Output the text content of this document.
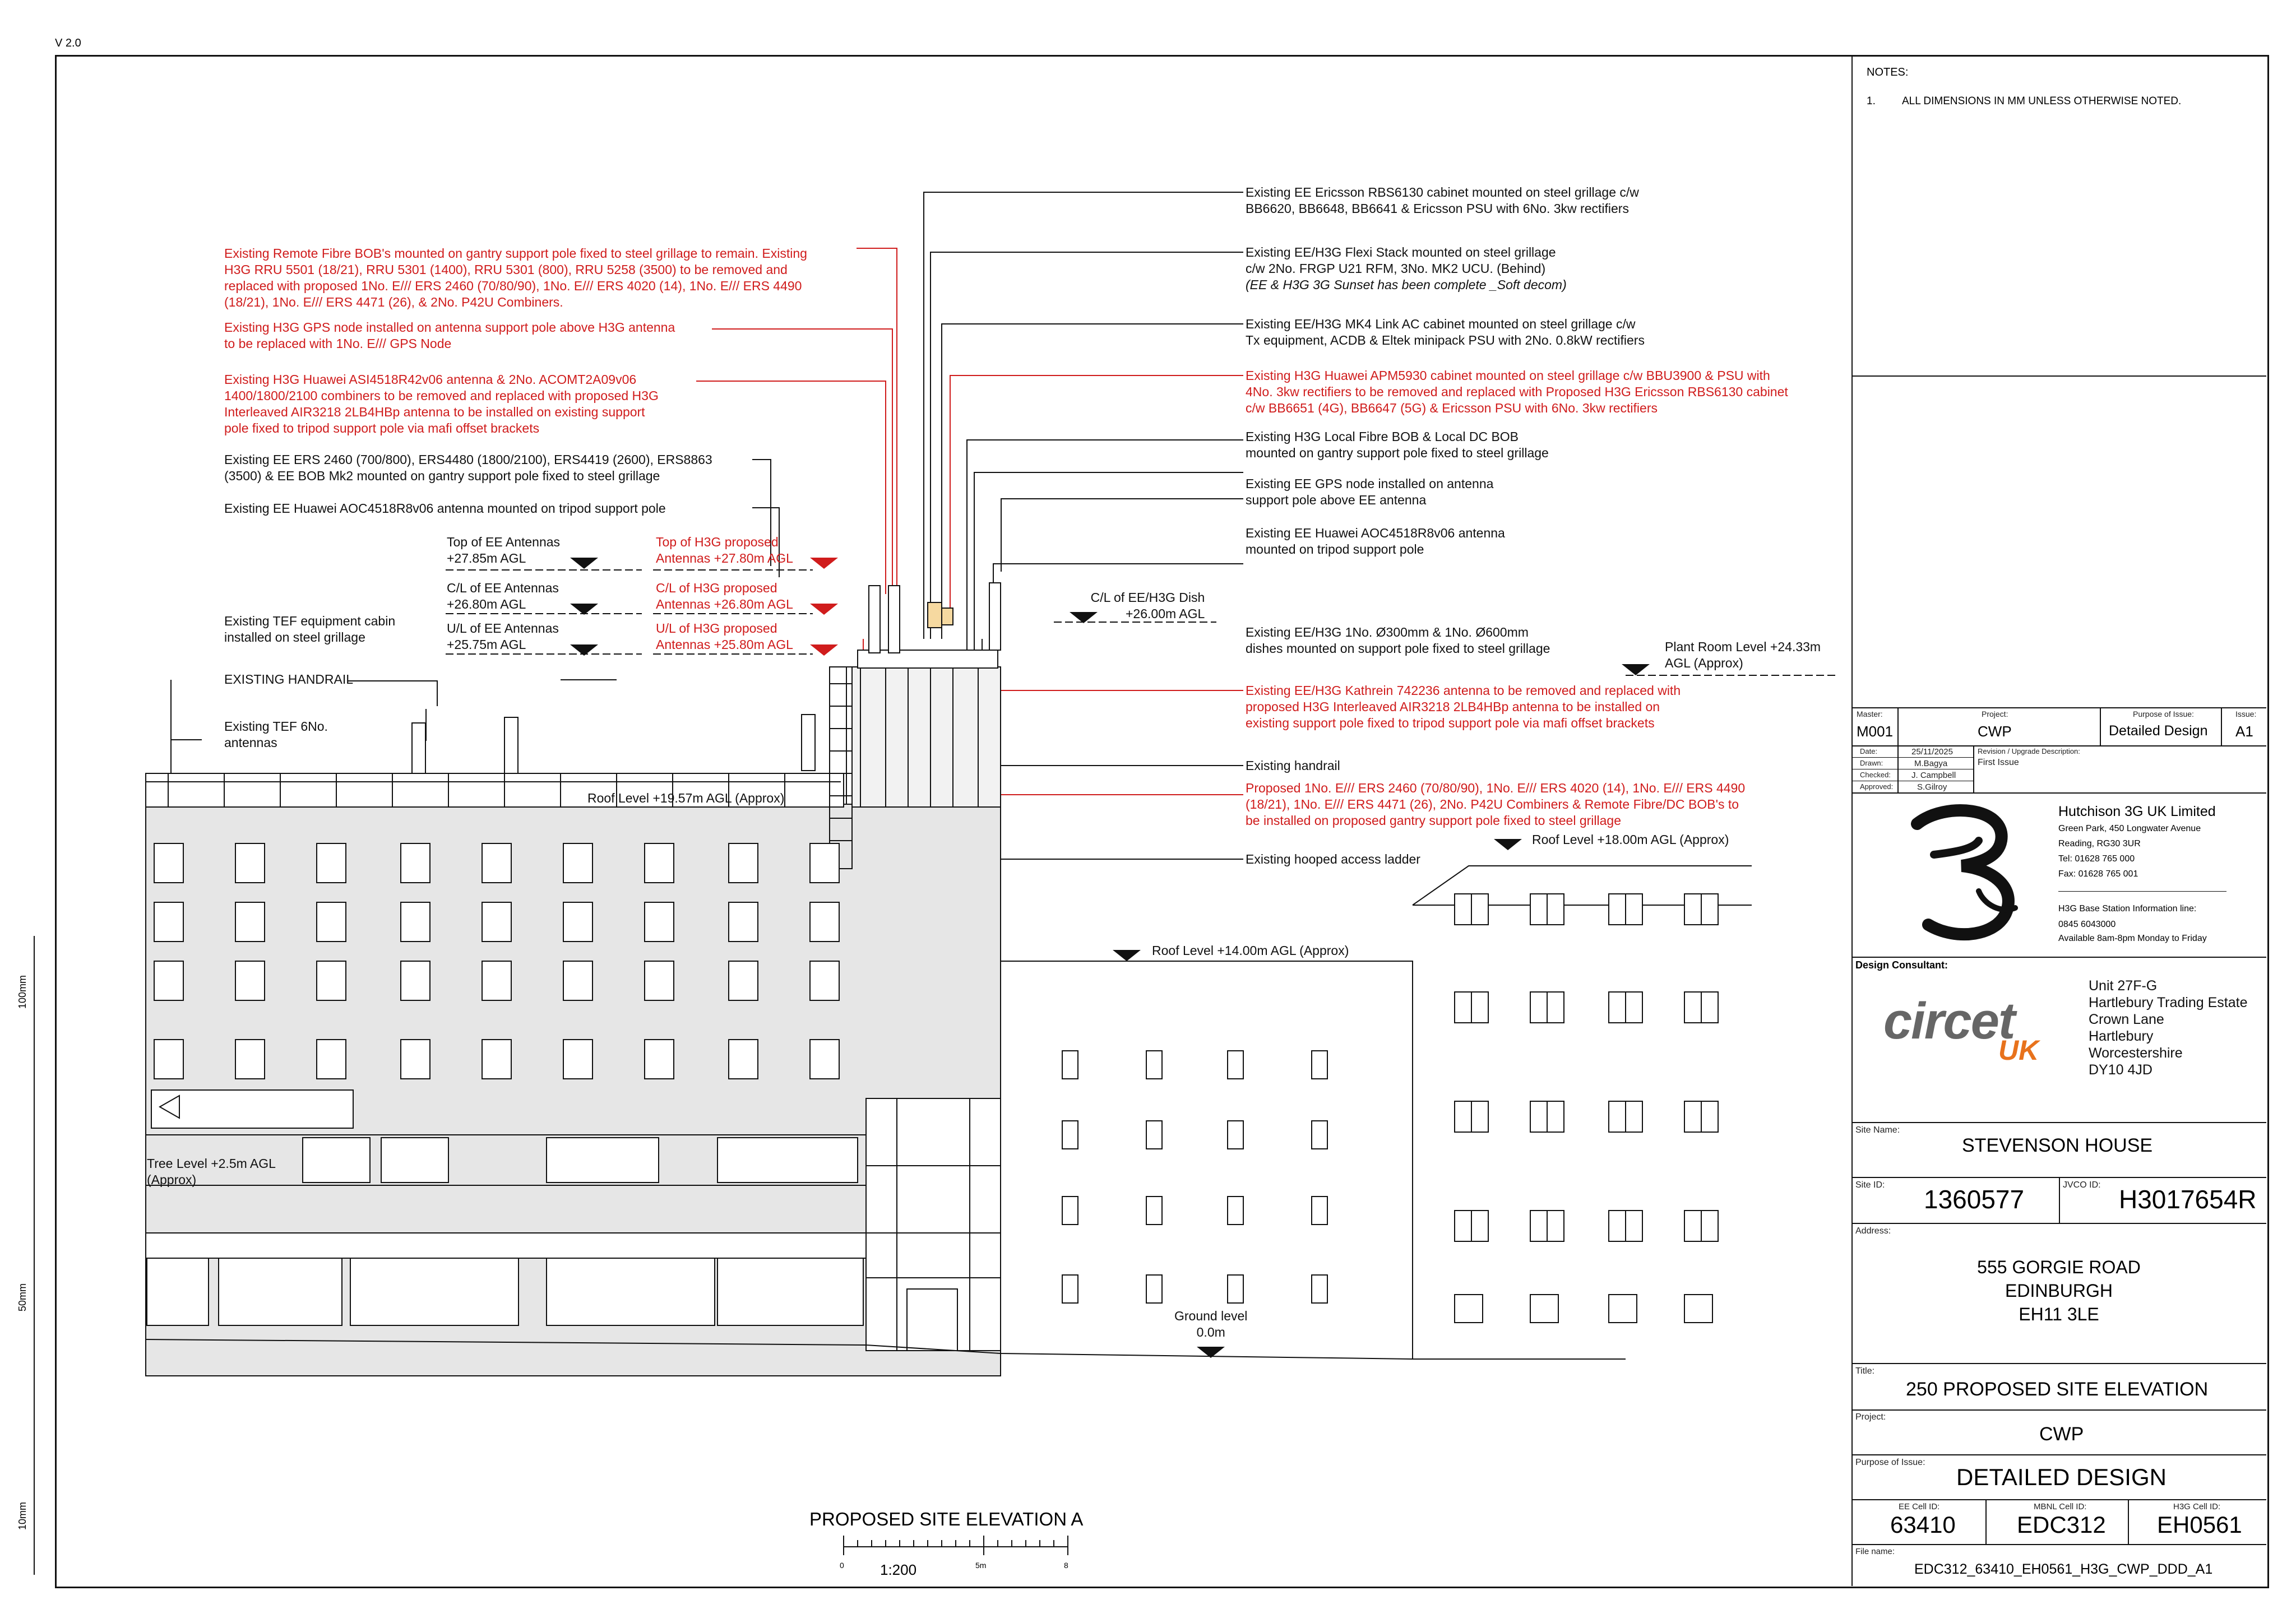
V 2.0
100mm
50mm
10mm
Existing Remote Fibre BOB's mounted on gantry support pole fixed to steel grillage to remain. Existing
H3G RRU 5501 (18/21), RRU 5301 (1400), RRU 5301 (800), RRU 5258 (3500) to be removed and
replaced with proposed 1No. E/// ERS 2460 (70/80/90), 1No. E/// ERS 4020 (14), 1No. E/// ERS 4490
(18/21), 1No. E/// ERS 4471 (26), & 2No. P42U Combiners.
Existing H3G GPS node installed on antenna support pole above H3G antenna
to be replaced with 1No. E/// GPS Node
Existing H3G Huawei ASI4518R42v06 antenna & 2No. ACOMT2A09v06
1400/1800/2100 combiners to be removed and replaced with proposed H3G
Interleaved AIR3218 2LB4HBp antenna to be installed on existing support
pole fixed to tripod support pole via mafi offset brackets
Existing EE ERS 2460 (700/800), ERS4480 (1800/2100), ERS4419 (2600), ERS8863
(3500) & EE BOB Mk2 mounted on gantry support pole fixed to steel grillage
Existing EE Huawei AOC4518R8v06 antenna mounted on tripod support pole
Top of EE Antennas
+27.85m AGL
C/L of EE Antennas
+26.80m AGL
U/L of EE Antennas
+25.75m AGL
Top of H3G proposed
Antennas +27.80m AGL
C/L of H3G proposed
Antennas +26.80m AGL
U/L of H3G proposed
Antennas +25.80m AGL
C/L of EE/H3G Dish
+26.00m AGL
Plant Room Level +24.33m
AGL (Approx)
Roof Level +19.57m AGL (Approx)
Roof Level +18.00m AGL (Approx)
Roof Level +14.00m AGL (Approx)
Tree Level +2.5m AGL
(Approx)
Ground level
0.0m
Existing TEF equipment cabin
installed on steel grillage
EXISTING HANDRAIL
Existing TEF 6No.
antennas
Existing EE Ericsson RBS6130 cabinet mounted on steel grillage c/w
BB6620, BB6648, BB6641 & Ericsson PSU with 6No. 3kw rectifiers
Existing EE/H3G Flexi Stack mounted on steel grillage
c/w 2No. FRGP U21 RFM, 3No. MK2 UCU. (Behind)
(EE & H3G 3G Sunset has been complete _Soft decom)
Existing EE/H3G MK4 Link AC cabinet mounted on steel grillage c/w
Tx equipment, ACDB & Eltek minipack PSU with 2No. 0.8kW rectifiers
Existing H3G Huawei APM5930 cabinet mounted on steel grillage c/w BBU3900 & PSU with
4No. 3kw rectifiers to be removed and replaced with Proposed H3G Ericsson RBS6130 cabinet
c/w BB6651 (4G), BB6647 (5G) & Ericsson PSU with 6No. 3kw rectifiers
Existing H3G Local Fibre BOB & Local DC BOB
mounted on gantry support pole fixed to steel grillage
Existing EE GPS node installed on antenna
support pole above EE antenna
Existing EE Huawei AOC4518R8v06 antenna
mounted on tripod support pole
Existing EE/H3G 1No. Ø300mm & 1No. Ø600mm
dishes mounted on support pole fixed to steel grillage
Existing EE/H3G Kathrein 742236 antenna to be removed and replaced with
proposed H3G Interleaved AIR3218 2LB4HBp antenna to be installed on
existing support pole fixed to tripod support pole via mafi offset brackets
Existing handrail
Proposed 1No. E/// ERS 2460 (70/80/90), 1No. E/// ERS 4020 (14), 1No. E/// ERS 4490
(18/21), 1No. E/// ERS 4471 (26), 2No. P42U Combiners & Remote Fibre/DC BOB's to
be installed on proposed gantry support pole fixed to steel grillage
Existing hooped access ladder
PROPOSED SITE ELEVATION A
0 1:200	5m	8
NOTES:
1. ALL DIMENSIONS IN MM UNLESS OTHERWISE NOTED.
Master:
M001
Project:
CWP
Purpose of Issue:
Detailed Design
Issue:
A1
Date:	25/11/2025
Drawn:	M.Bagya
Checked: J. Campbell
Approved:	S.Gilroy
Revision / Upgrade Description:
First Issue
Hutchison 3G UK Limited
Green Park, 450 Longwater Avenue
Reading, RG30 3UR
Tel: 01628 765 000
Fax: 01628 765 001
H3G Base Station Information line:
0845 6043000
Available 8am-8pm Monday to Friday
Design Consultant:
circet
UK
Unit 27F-G
Hartlebury Trading Estate
Crown Lane
Hartlebury
Worcestershire
DY10 4JD
Site Name:
STEVENSON HOUSE
Site ID: 1360577	JVCO ID: H3017654R
Address:
555 GORGIE ROAD
EDINBURGH
EH11 3LE
Title:
250 PROPOSED SITE ELEVATION
Project:
CWP
Purpose of Issue:
DETAILED DESIGN
EE Cell ID:
63410
MBNL Cell ID:
EDC312
H3G Cell ID:
EH0561
File name:
EDC312_63410_EH0561_H3G_CWP_DDD_A1
